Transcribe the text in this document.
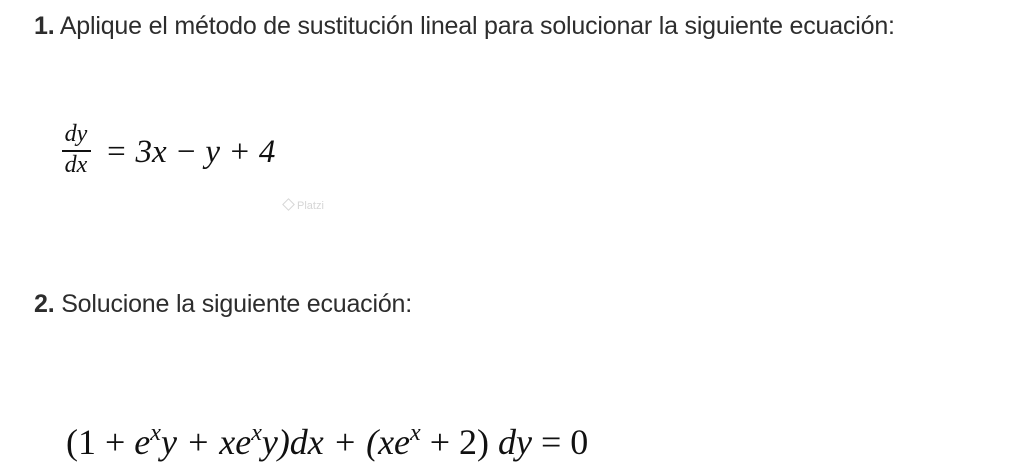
1. Aplique el método de sustitución lineal para solucionar la siguiente ecuación:
dy
dx = 3x − y + 4
Platzi
2. Solucione la siguiente ecuación:
$(1 + e^xy + xe^xy)dx + (xe^x + 2)$ dy = 0
